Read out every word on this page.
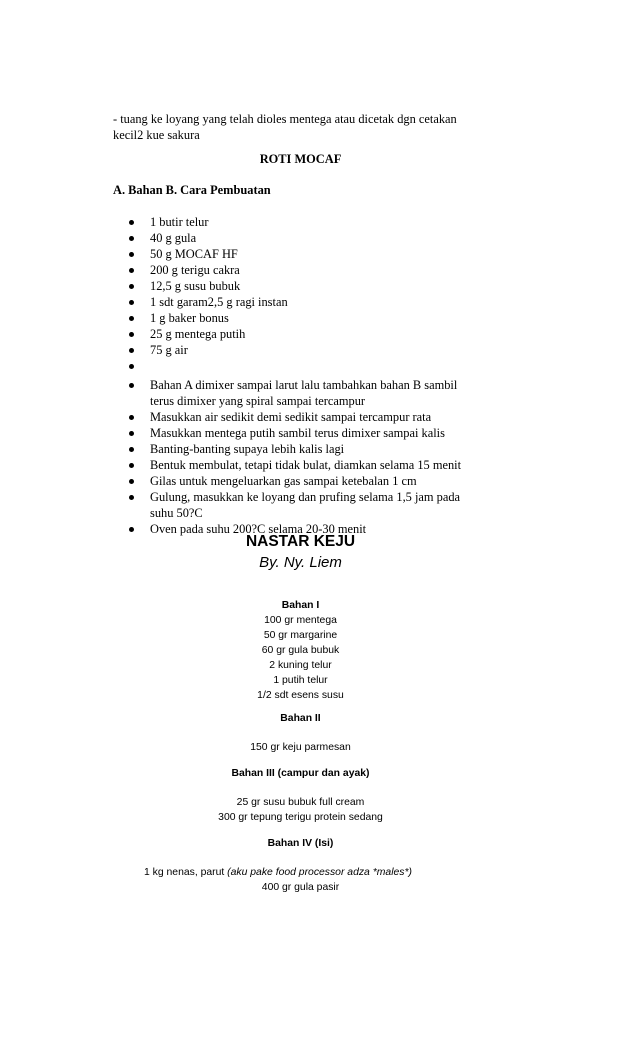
- tuang ke loyang yang telah dioles mentega atau dicetak dgn cetakan
kecil2 kue sakura
ROTI MOCAF
A. Bahan B. Cara Pembuatan
1 butir telur
40 g gula
50 g MOCAF HF
200 g terigu cakra
12,5 g susu bubuk
1 sdt garam2,5 g ragi instan
1 g baker bonus
25 g mentega putih
75 g air
Bahan A dimixer sampai larut lalu tambahkan bahan B sambil
terus dimixer yang spiral sampai tercampur
Masukkan air sedikit demi sedikit sampai tercampur rata
Masukkan mentega putih sambil terus dimixer sampai kalis
Banting-banting supaya lebih kalis lagi
Bentuk membulat, tetapi tidak bulat, diamkan selama 15 menit
Gilas untuk mengeluarkan gas sampai ketebalan 1 cm
Gulung, masukkan ke loyang dan prufing selama 1,5 jam pada
suhu 50?C
Oven pada suhu 200?C selama 20-30 menit
NASTAR KEJU
By. Ny. Liem
Bahan I
100 gr mentega
50 gr margarine
60 gr gula bubuk
2 kuning telur
1 putih telur
1/2 sdt esens susu
Bahan II
150 gr keju parmesan
Bahan III (campur dan ayak)
25 gr susu bubuk full cream
300 gr tepung terigu protein sedang
Bahan IV (Isi)
1 kg nenas, parut (aku pake food processor adza *males*)
400 gr gula pasir
